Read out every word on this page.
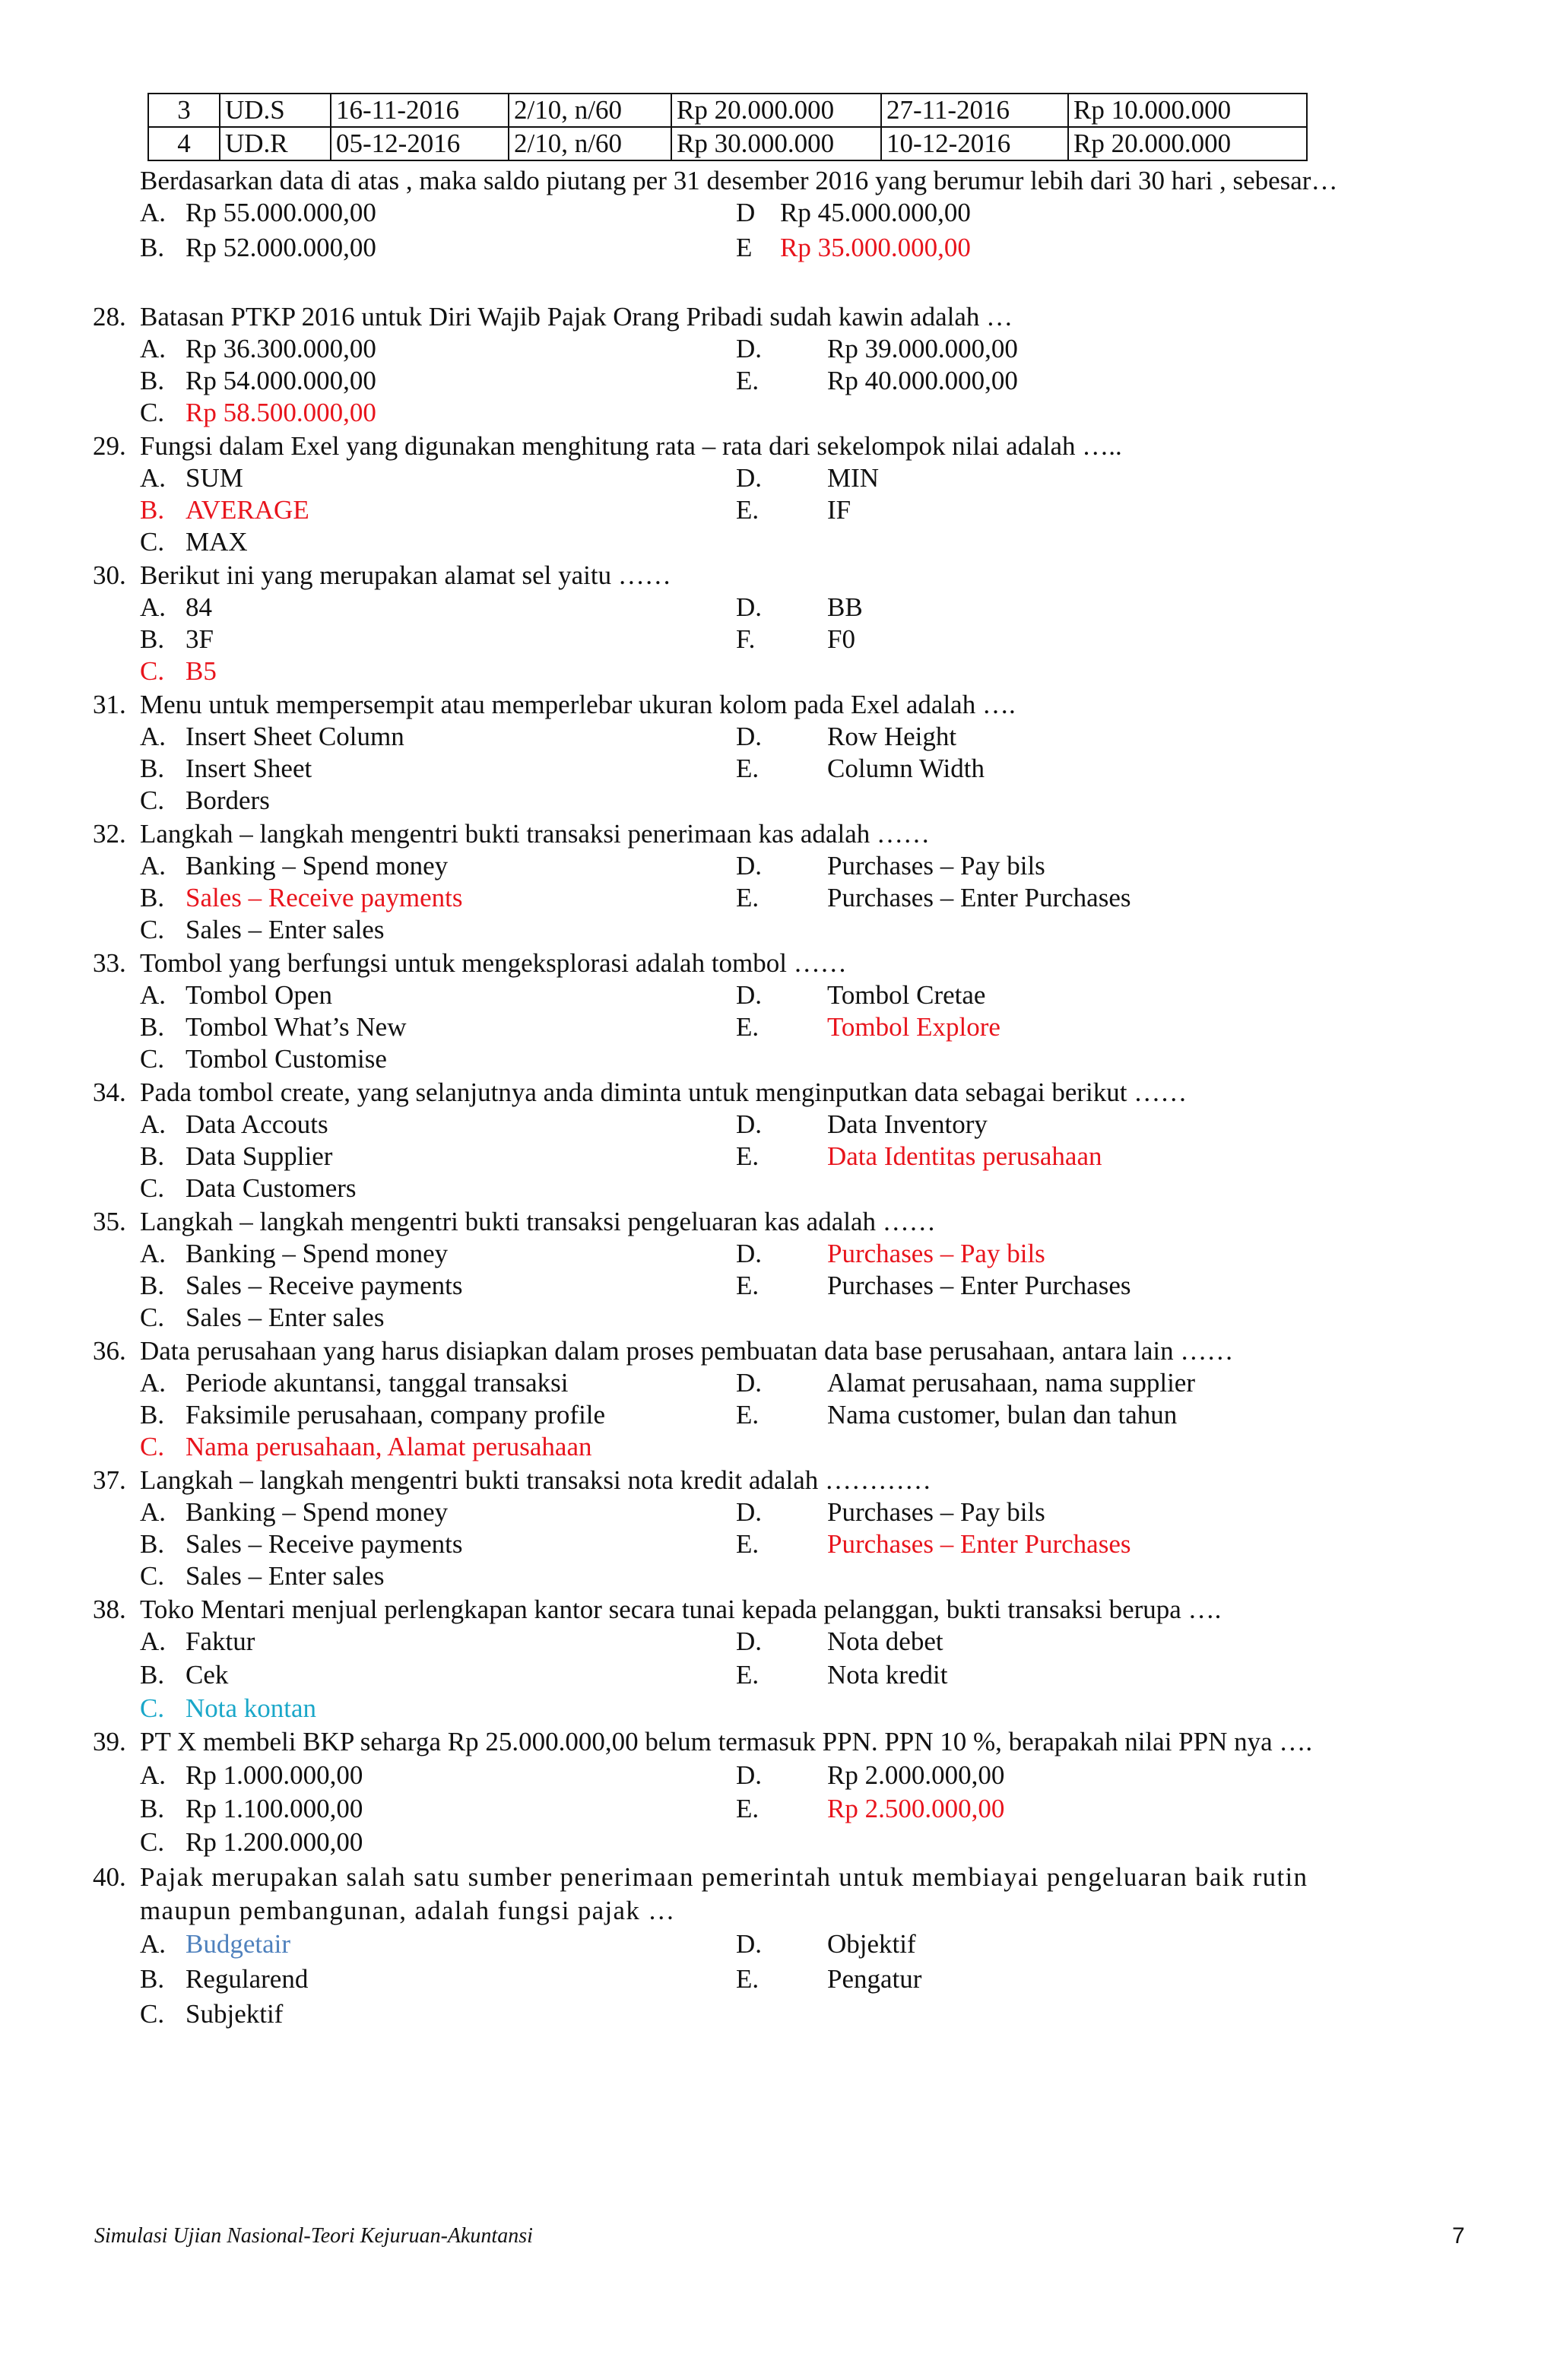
3	UD.S	16-11-2016	2/10, n/60	Rp 20.000.000	27-11-2016	Rp 10.000.000
4	UD.R	05-12-2016	2/10, n/60	Rp 30.000.000	10-12-2016	Rp 20.000.000
Berdasarkan data di atas , maka saldo piutang per 31 desember 2016 yang berumur lebih dari 30 hari , sebesar…
A. Rp 55.000.000,00	D Rp 45.000.000,00
B. Rp 52.000.000,00	E Rp 35.000.000,00
28. Batasan PTKP 2016 untuk Diri Wajib Pajak Orang Pribadi sudah kawin adalah …
A. Rp 36.300.000,00	D. Rp 39.000.000,00
B. Rp 54.000.000,00	E.	Rp 40.000.000,00
C. Rp 58.500.000,00
29. Fungsi dalam Exel yang digunakan menghitung rata – rata dari sekelompok nilai adalah …..
A. SUM	D. MIN
B. AVERAGE	E.	IF
C. MAX
30. Berikut ini yang merupakan alamat sel yaitu ……
A. 84	D. BB
B. 3F	F.	F0
C. B5
31. Menu untuk mempersempit atau memperlebar ukuran kolom pada Exel adalah ….
A. Insert Sheet Column	D. Row Height
B. Insert Sheet	E.	Column Width
C. Borders
32. Langkah – langkah mengentri bukti transaksi penerimaan kas adalah ……
A. Banking – Spend money	D. Purchases – Pay bils
B. Sales – Receive payments	E.	Purchases – Enter Purchases
C. Sales – Enter sales
33. Tombol yang berfungsi untuk mengeksplorasi adalah tombol ……
A. Tombol Open	D. Tombol Cretae
B. Tombol What’s New	E.	Tombol Explore
C. Tombol Customise
34. Pada tombol create, yang selanjutnya anda diminta untuk menginputkan data sebagai berikut ……
A. Data Accouts	D. Data Inventory
B. Data Supplier	E.	Data Identitas perusahaan
C. Data Customers
35. Langkah – langkah mengentri bukti transaksi pengeluaran kas adalah ……
A. Banking – Spend money	D. Purchases – Pay bils
B. Sales – Receive payments	E.	Purchases – Enter Purchases
C. Sales – Enter sales
36. Data perusahaan yang harus disiapkan dalam proses pembuatan data base perusahaan, antara lain ……
A. Periode akuntansi, tanggal transaksi	D. Alamat perusahaan, nama supplier
B. Faksimile perusahaan, company profile	E.	Nama customer, bulan dan tahun
C. Nama perusahaan, Alamat perusahaan
37. Langkah – langkah mengentri bukti transaksi nota kredit adalah …………
A. Banking – Spend money	D. Purchases – Pay bils
B. Sales – Receive payments	E.	Purchases – Enter Purchases
C. Sales – Enter sales
38. Toko Mentari menjual perlengkapan kantor secara tunai kepada pelanggan, bukti transaksi berupa ….
A. Faktur	D. Nota debet
B. Cek	E.	Nota kredit
C. Nota kontan
39. PT X membeli BKP seharga Rp 25.000.000,00 belum termasuk PPN. PPN 10 %, berapakah nilai PPN nya ….
A. Rp 1.000.000,00	D. Rp 2.000.000,00
B. Rp 1.100.000,00	E.	Rp 2.500.000,00
C. Rp 1.200.000,00
40. Pajak merupakan salah satu sumber penerimaan pemerintah untuk membiayai pengeluaran baik rutin
maupun pembangunan, adalah fungsi pajak …
A. Budgetair	D. Objektif
B. Regularend	E.	Pengatur
C. Subjektif
Simulasi Ujian Nasional-Teori Kejuruan-Akuntansi	7
